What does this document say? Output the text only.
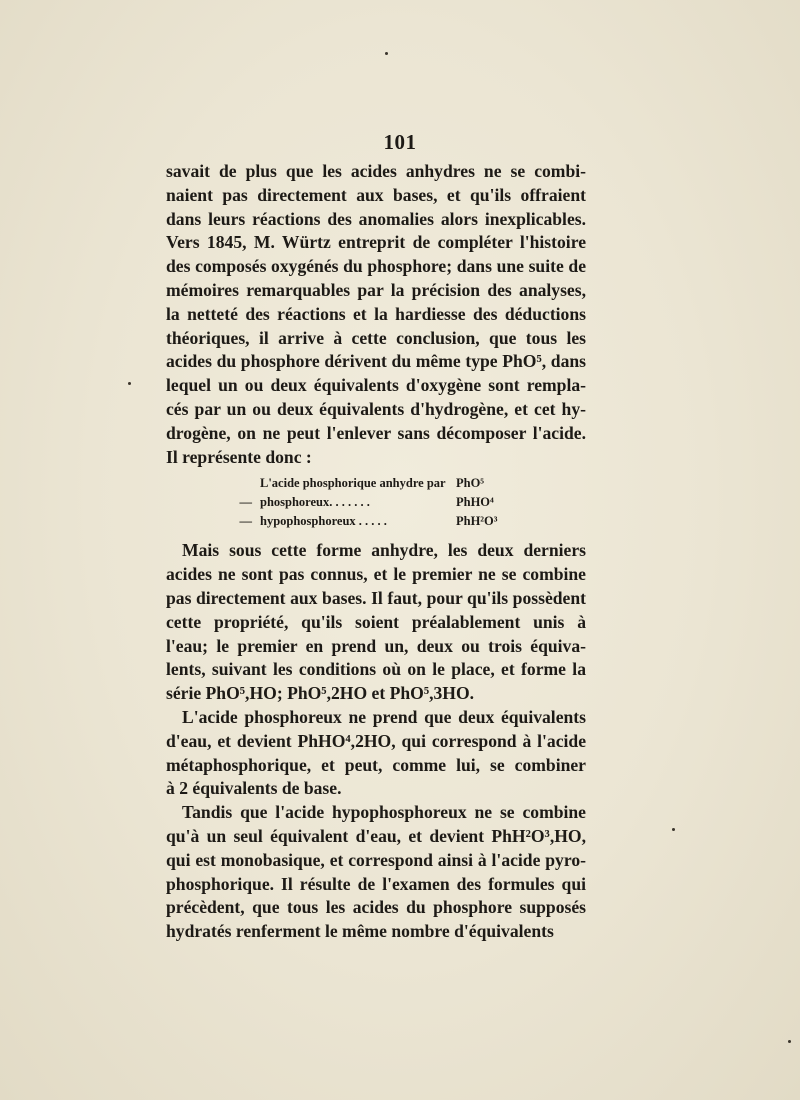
101
savait de plus que les acides anhydres ne se combi-
naient pas directement aux bases, et qu'ils offraient
dans leurs réactions des anomalies alors inexplicables.
Vers 1845, M. Würtz entreprit de compléter l'histoire
des composés oxygénés du phosphore; dans une suite de
mémoires remarquables par la précision des analyses,
la netteté des réactions et la hardiesse des déductions
théoriques, il arrive à cette conclusion, que tous les
acides du phosphore dérivent du même type PhO⁵, dans
lequel un ou deux équivalents d'oxygène sont rempla-
cés par un ou deux équivalents d'hydrogène, et cet hy-
drogène, on ne peut l'enlever sans décomposer l'acide.
Il représente donc :
L'acide phosphorique anhydre par PhO⁵
— phosphoreux. . . . . . .	PhHO⁴
— hypophosphoreux . . . . .	PhH²O³
Mais sous cette forme anhydre, les deux derniers
acides ne sont pas connus, et le premier ne se combine
pas directement aux bases. Il faut, pour qu'ils possèdent
cette propriété, qu'ils soient préalablement unis à
l'eau; le premier en prend un, deux ou trois équiva-
lents, suivant les conditions où on le place, et forme la
série PhO⁵,HO; PhO⁵,2HO et PhO⁵,3HO.
L'acide phosphoreux ne prend que deux équivalents
d'eau, et devient PhHO⁴,2HO, qui correspond à l'acide
métaphosphorique, et peut, comme lui, se combiner
à 2 équivalents de base.
Tandis que l'acide hypophosphoreux ne se combine
qu'à un seul équivalent d'eau, et devient PhH²O³,HO,
qui est monobasique, et correspond ainsi à l'acide pyro-
phosphorique. Il résulte de l'examen des formules qui
précèdent, que tous les acides du phosphore supposés
hydratés renferment le même nombre d'équivalents
